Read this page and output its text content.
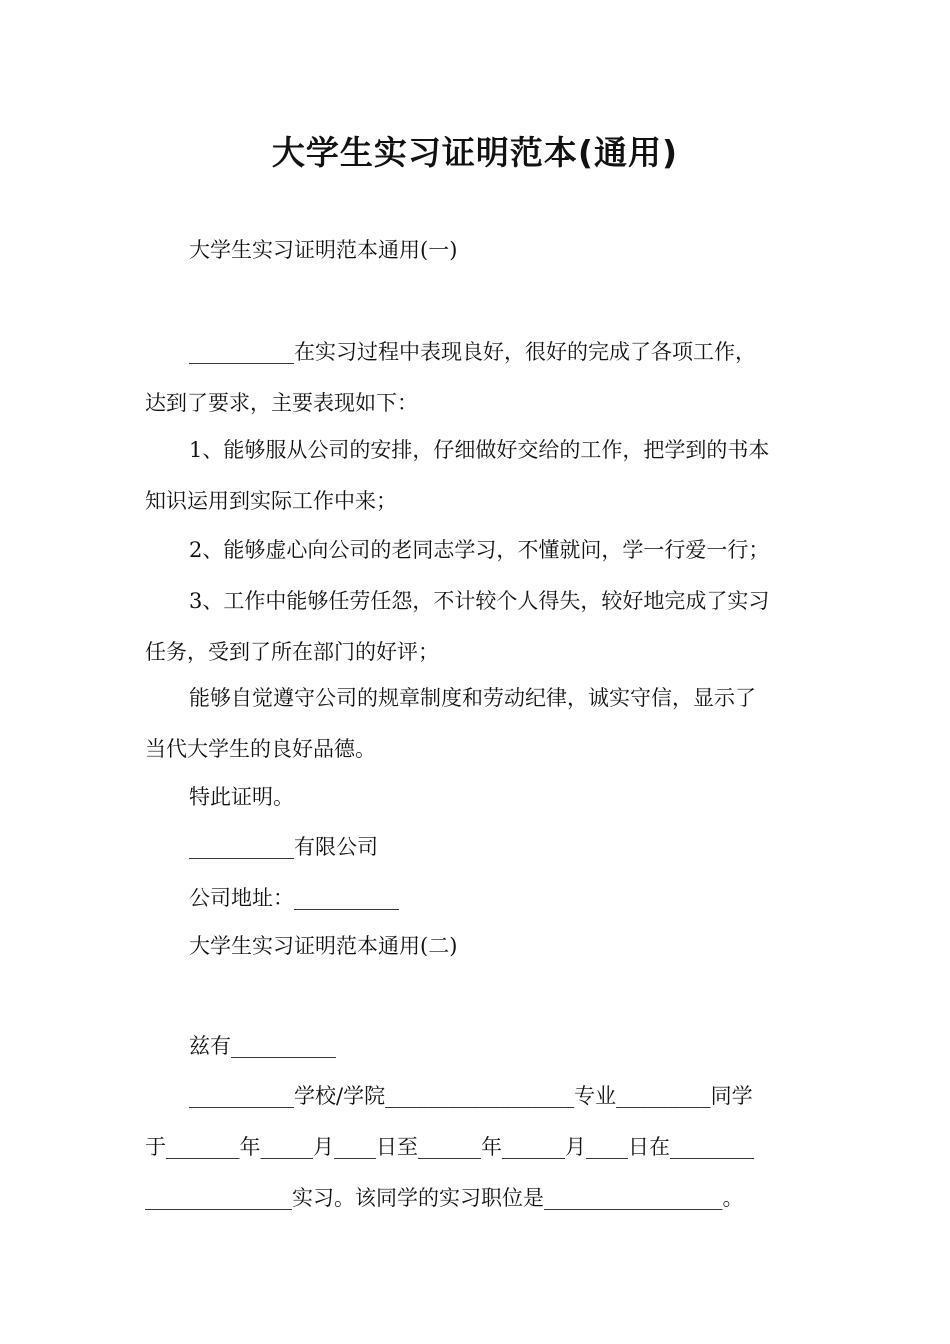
大学生实习证明范本(通用)
大学生实习证明范本通用(一)
__________在实习过程中表现良好，很好的完成了各项工作，
达到了要求，主要表现如下：
1、能够服从公司的安排，仔细做好交给的工作，把学到的书本
知识运用到实际工作中来；
2、能够虚心向公司的老同志学习，不懂就问，学一行爱一行；
3、工作中能够任劳任怨，不计较个人得失，较好地完成了实习
任务，受到了所在部门的好评；
能够自觉遵守公司的规章制度和劳动纪律，诚实守信，显示了
当代大学生的良好品德。
特此证明。
__________有限公司
公司地址：__________
大学生实习证明范本通用(二)
兹有__________
__________学校/学院__________________专业_________同学
于_______年_____月____日至______年______月____日在________
______________实习。该同学的实习职位是_________________。
